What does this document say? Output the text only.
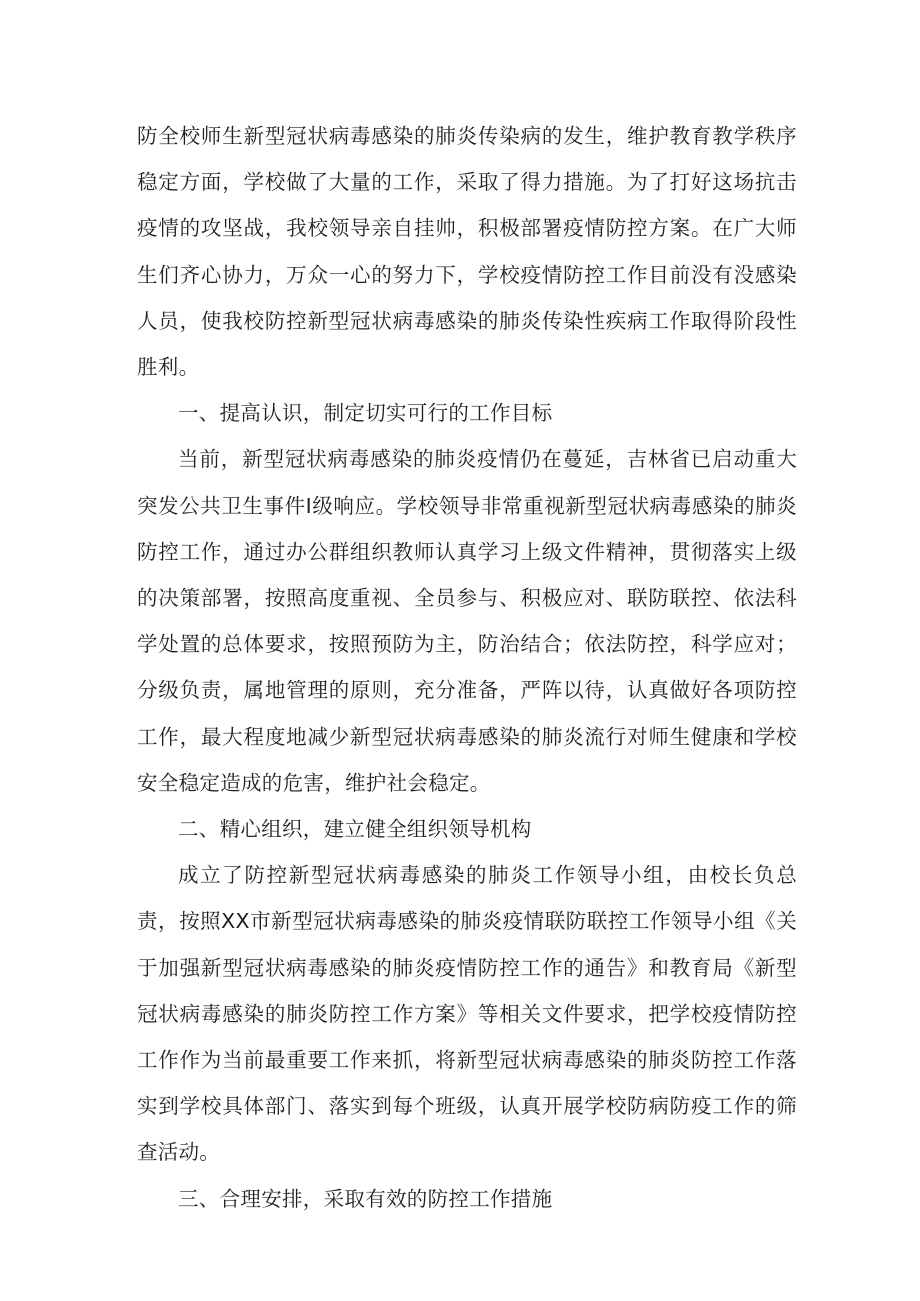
防全校师生新型冠状病毒感染的肺炎传染病的发生，维护教育教学秩序稳定方面，学校做了大量的工作，采取了得力措施。为了打好这场抗击疫情的攻坚战，我校领导亲自挂帅，积极部署疫情防控方案。在广大师生们齐心协力，万众一心的努力下，学校疫情防控工作目前没有没感染人员，使我校防控新型冠状病毒感染的肺炎传染性疾病工作取得阶段性胜利。

一、提高认识，制定切实可行的工作目标

当前，新型冠状病毒感染的肺炎疫情仍在蔓延，吉林省已启动重大突发公共卫生事件I级响应。学校领导非常重视新型冠状病毒感染的肺炎防控工作，通过办公群组织教师认真学习上级文件精神，贯彻落实上级的决策部署，按照高度重视、全员参与、积极应对、联防联控、依法科学处置的总体要求，按照预防为主，防治结合；依法防控，科学应对；分级负责，属地管理的原则，充分准备，严阵以待，认真做好各项防控工作，最大程度地减少新型冠状病毒感染的肺炎流行对师生健康和学校安全稳定造成的危害，维护社会稳定。

二、精心组织，建立健全组织领导机构

成立了防控新型冠状病毒感染的肺炎工作领导小组，由校长负总责，按照XX市新型冠状病毒感染的肺炎疫情联防联控工作领导小组《关于加强新型冠状病毒感染的肺炎疫情防控工作的通告》和教育局《新型冠状病毒感染的肺炎防控工作方案》等相关文件要求，把学校疫情防控工作作为当前最重要工作来抓，将新型冠状病毒感染的肺炎防控工作落实到学校具体部门、落实到每个班级，认真开展学校防病防疫工作的筛查活动。

三、合理安排，采取有效的防控工作措施
